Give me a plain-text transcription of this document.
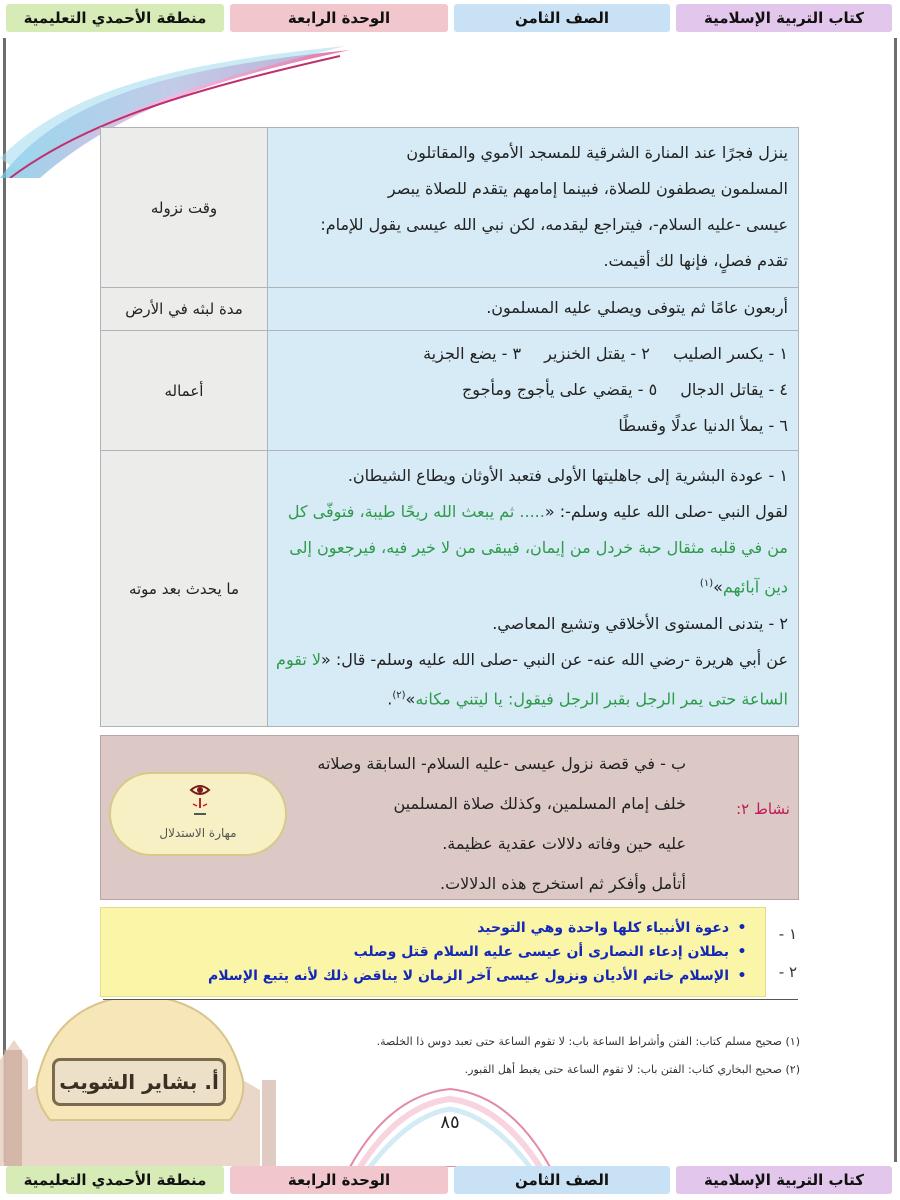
كتاب التربية الإسلامية
الصف الثامن
الوحدة الرابعة
منطقة الأحمدي التعليمية
ينزل فجرًا عند المنارة الشرقية للمسجد الأموي والمقاتلون
المسلمون يصطفون للصلاة، فبينما إمامهم يتقدم للصلاة يبصر
عيسى -عليه السلام-، فيتراجع ليقدمه، لكن نبي الله عيسى يقول للإمام:
تقدم فصلٍ، فإنها لك أقيمت.	وقت نزوله
أربعون عامًا ثم يتوفى ويصلي عليه المسلمون.	مدة لبثه في الأرض

١ - يكسر الصليب ٢ - يقتل الخنزير ٣ - يضع الجزية
٤ - يقاتل الدجال ٥ - يقضي على يأجوج ومأجوج
٦ - يملأ الدنيا عدلًا وقسطًا	أعماله

١ - عودة البشرية إلى جاهليتها الأولى فتعبد الأوثان ويطاع الشيطان.
لقول النبي -صلى الله عليه وسلم-: «..... ثم يبعث الله ريحًا طيبة، فتوفّى كل من في قلبه مثقال حبة خردل من إيمان، فيبقى من لا خير فيه، فيرجعون إلى دين آبائهم»$^{(١)}$
٢ - يتدنى المستوى الأخلاقي وتشيع المعاصي.
عن أبي هريرة -رضي الله عنه- عن النبي -صلى الله عليه وسلم- قال: «لا تقوم الساعة حتى يمر الرجل بقبر الرجل فيقول: يا ليتني مكانه»$^{(٢)}$.	ما يحدث بعد موته
نشاط ٢:
ب - في قصة نزول عيسى -عليه السلام- السابقة وصلاته
خلف إمام المسلمين، وكذلك صلاة المسلمين
عليه حين وفاته دلالات عقدية عظيمة.
أتأمل وأفكر ثم استخرج هذه الدلالات.
مهارة الاستدلال
١ -
٢ -
•دعوة الأنبياء كلها واحدة وهي التوحيد
•بطلان إدعاء النصارى أن عيسى عليه السلام قتل وصلب
•الإسلام خاتم الأديان ونزول عيسى آخر الزمان لا يناقض ذلك لأنه يتبع الإسلام
(١) صحيح مسلم كتاب: الفتن وأشراط الساعة باب: لا تقوم الساعة حتى تعبد دوس ذا الخلصة.
(٢) صحيح البخاري كتاب: الفتن باب: لا تقوم الساعة حتى يغبط أهل القبور.
أ. بشاير الشويب
٨٥
كتاب التربية الإسلامية
الصف الثامن
الوحدة الرابعة
منطقة الأحمدي التعليمية
